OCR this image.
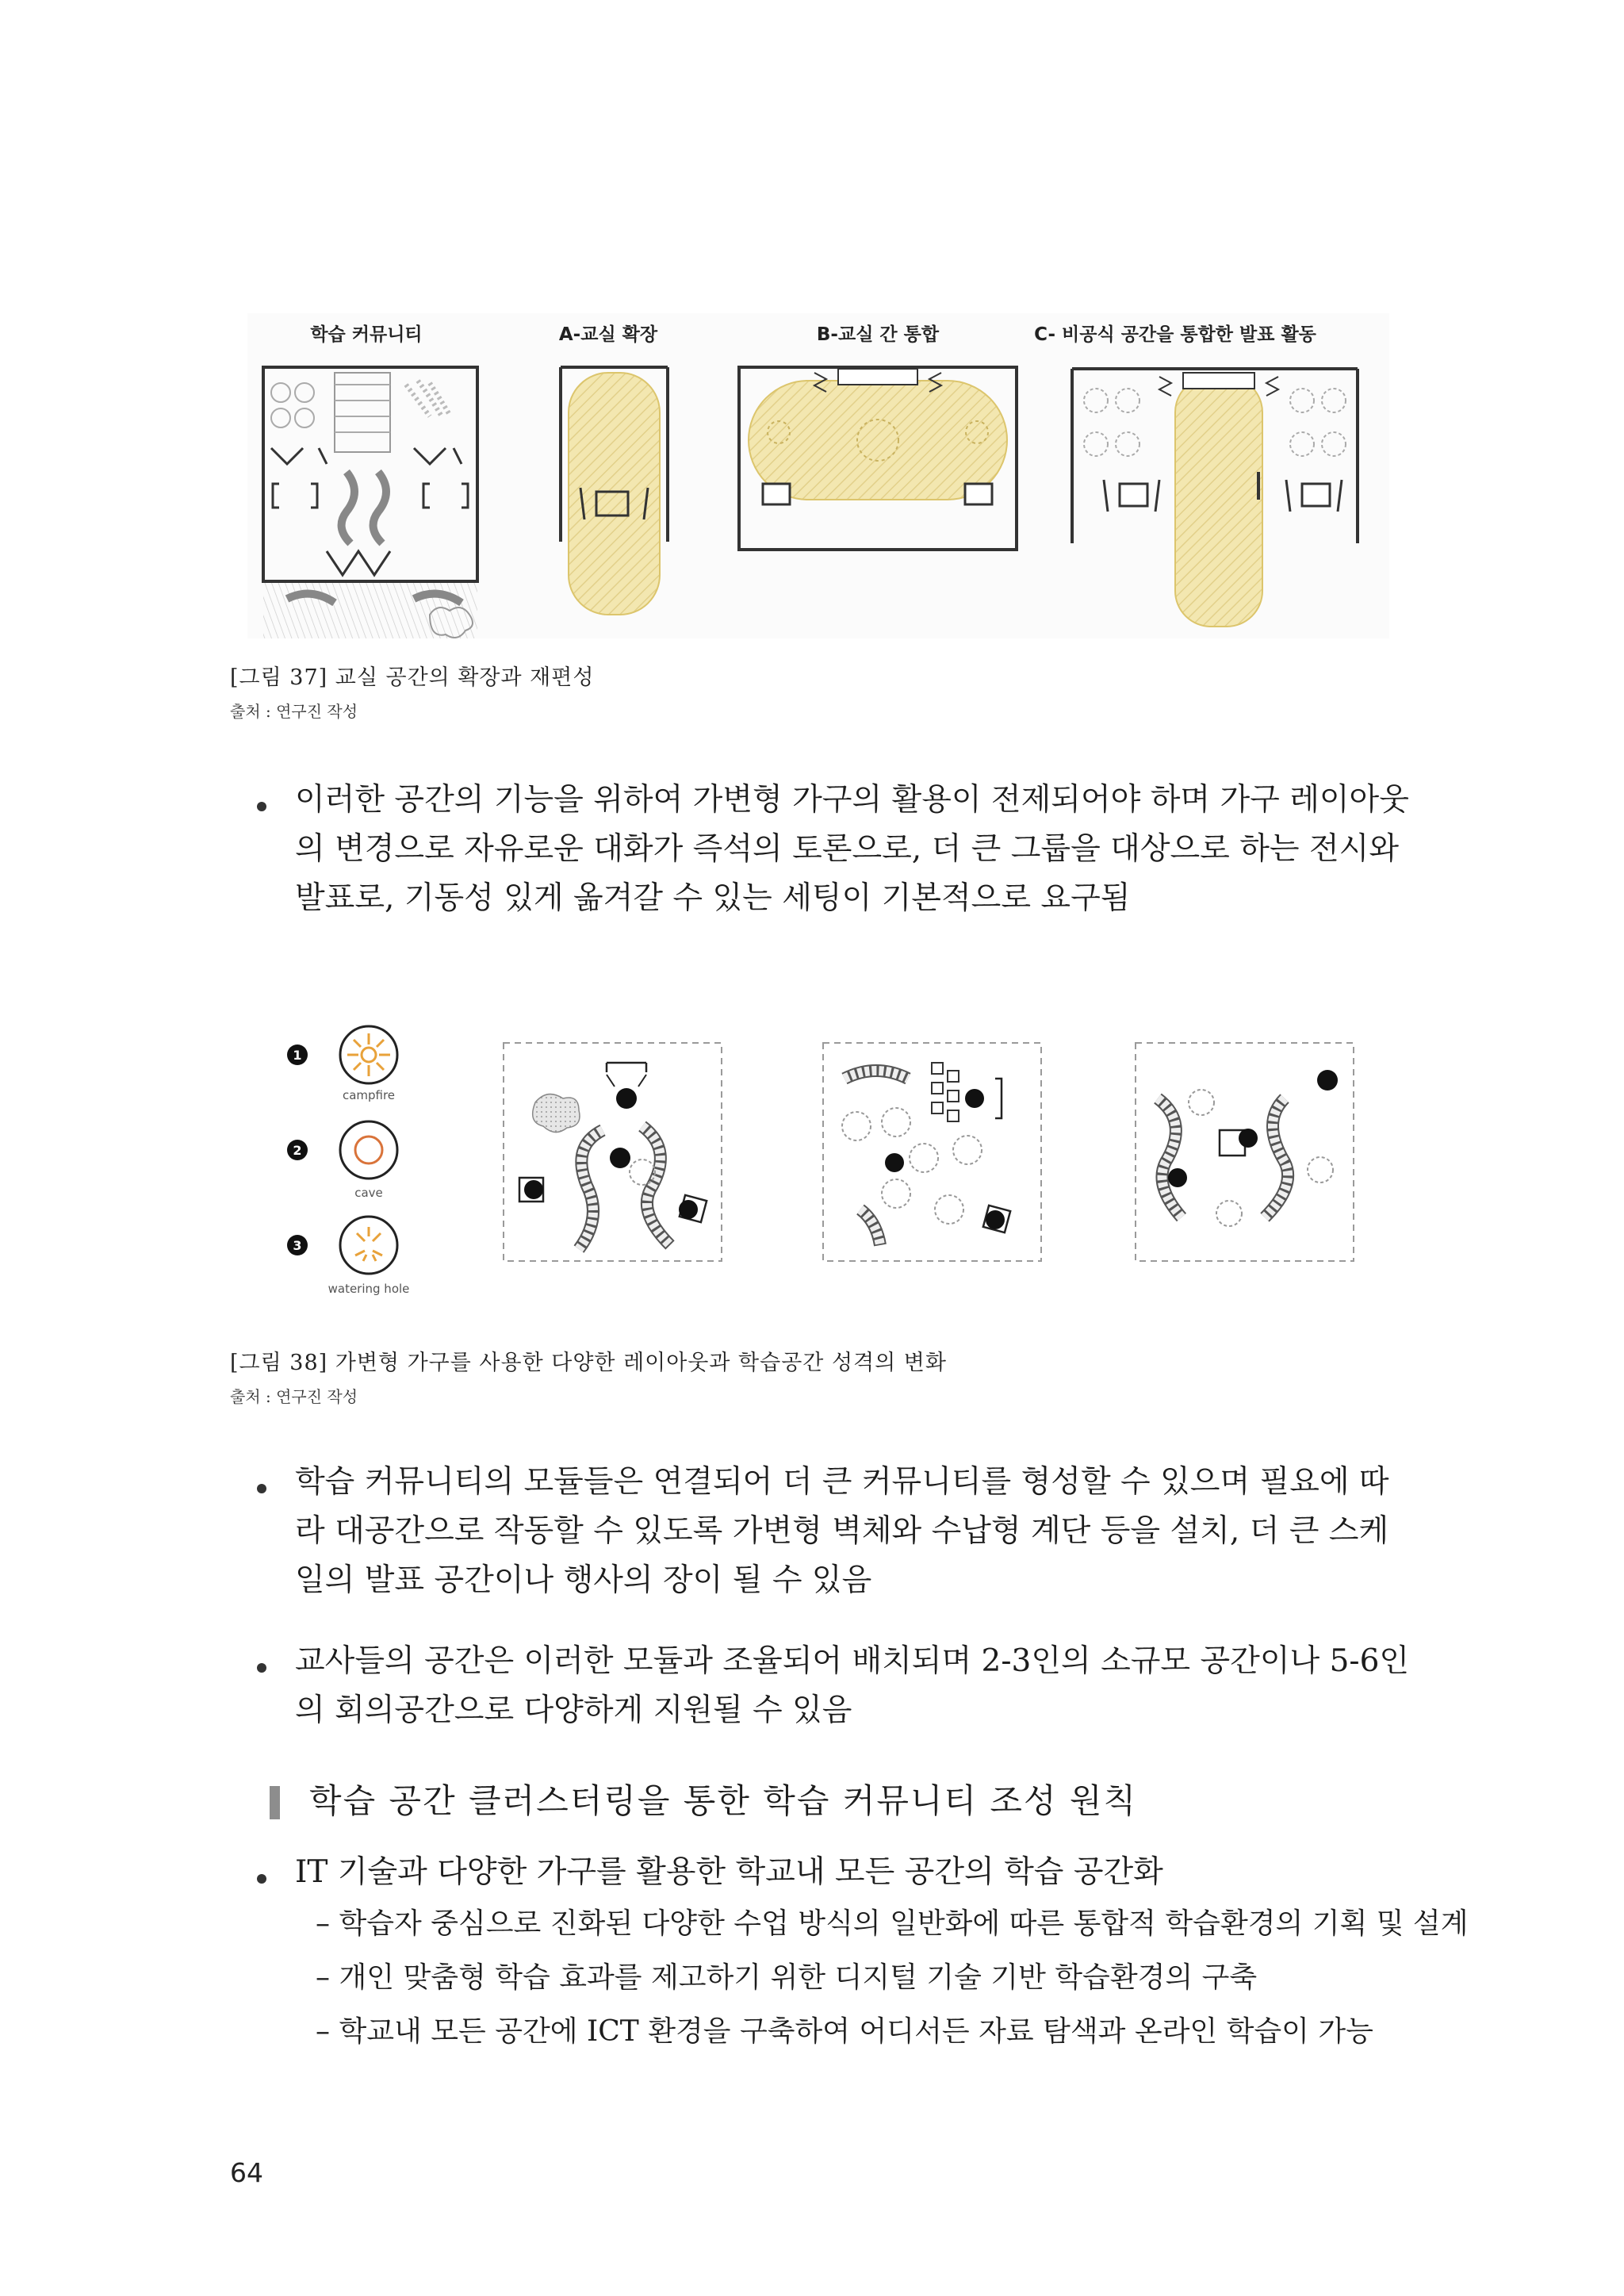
학습 커뮤니티	A-교실 확장	B-교실 간 통합	C- 비공식 공간을 통합한 발표 활동
[그림 37] 교실 공간의 확장과 재편성
출처 : 연구진 작성
이러한 공간의 기능을 위하여 가변형 가구의 활용이 전제되어야 하며 가구 레이아웃
의 변경으로 자유로운 대화가 즉석의 토론으로, 더 큰 그룹을 대상으로 하는 전시와
발표로, 기동성 있게 옮겨갈 수 있는 세팅이 기본적으로 요구됨
1
campfire
2
cave
3
watering hole
[그림 38] 가변형 가구를 사용한 다양한 레이아웃과 학습공간 성격의 변화
출처 : 연구진 작성
학습 커뮤니티의 모듈들은 연결되어 더 큰 커뮤니티를 형성할 수 있으며 필요에 따
라 대공간으로 작동할 수 있도록 가변형 벽체와 수납형 계단 등을 설치, 더 큰 스케
일의 발표 공간이나 행사의 장이 될 수 있음
교사들의 공간은 이러한 모듈과 조율되어 배치되며 2-3인의 소규모 공간이나 5-6인
의 회의공간으로 다양하게 지원될 수 있음
학습 공간 클러스터링을 통한 학습 커뮤니티 조성 원칙
IT 기술과 다양한 가구를 활용한 학교내 모든 공간의 학습 공간화
– 학습자 중심으로 진화된 다양한 수업 방식의 일반화에 따른 통합적 학습환경의 기획 및 설계
– 개인 맞춤형 학습 효과를 제고하기 위한 디지털 기술 기반 학습환경의 구축
– 학교내 모든 공간에 ICT 환경을 구축하여 어디서든 자료 탐색과 온라인 학습이 가능
64
